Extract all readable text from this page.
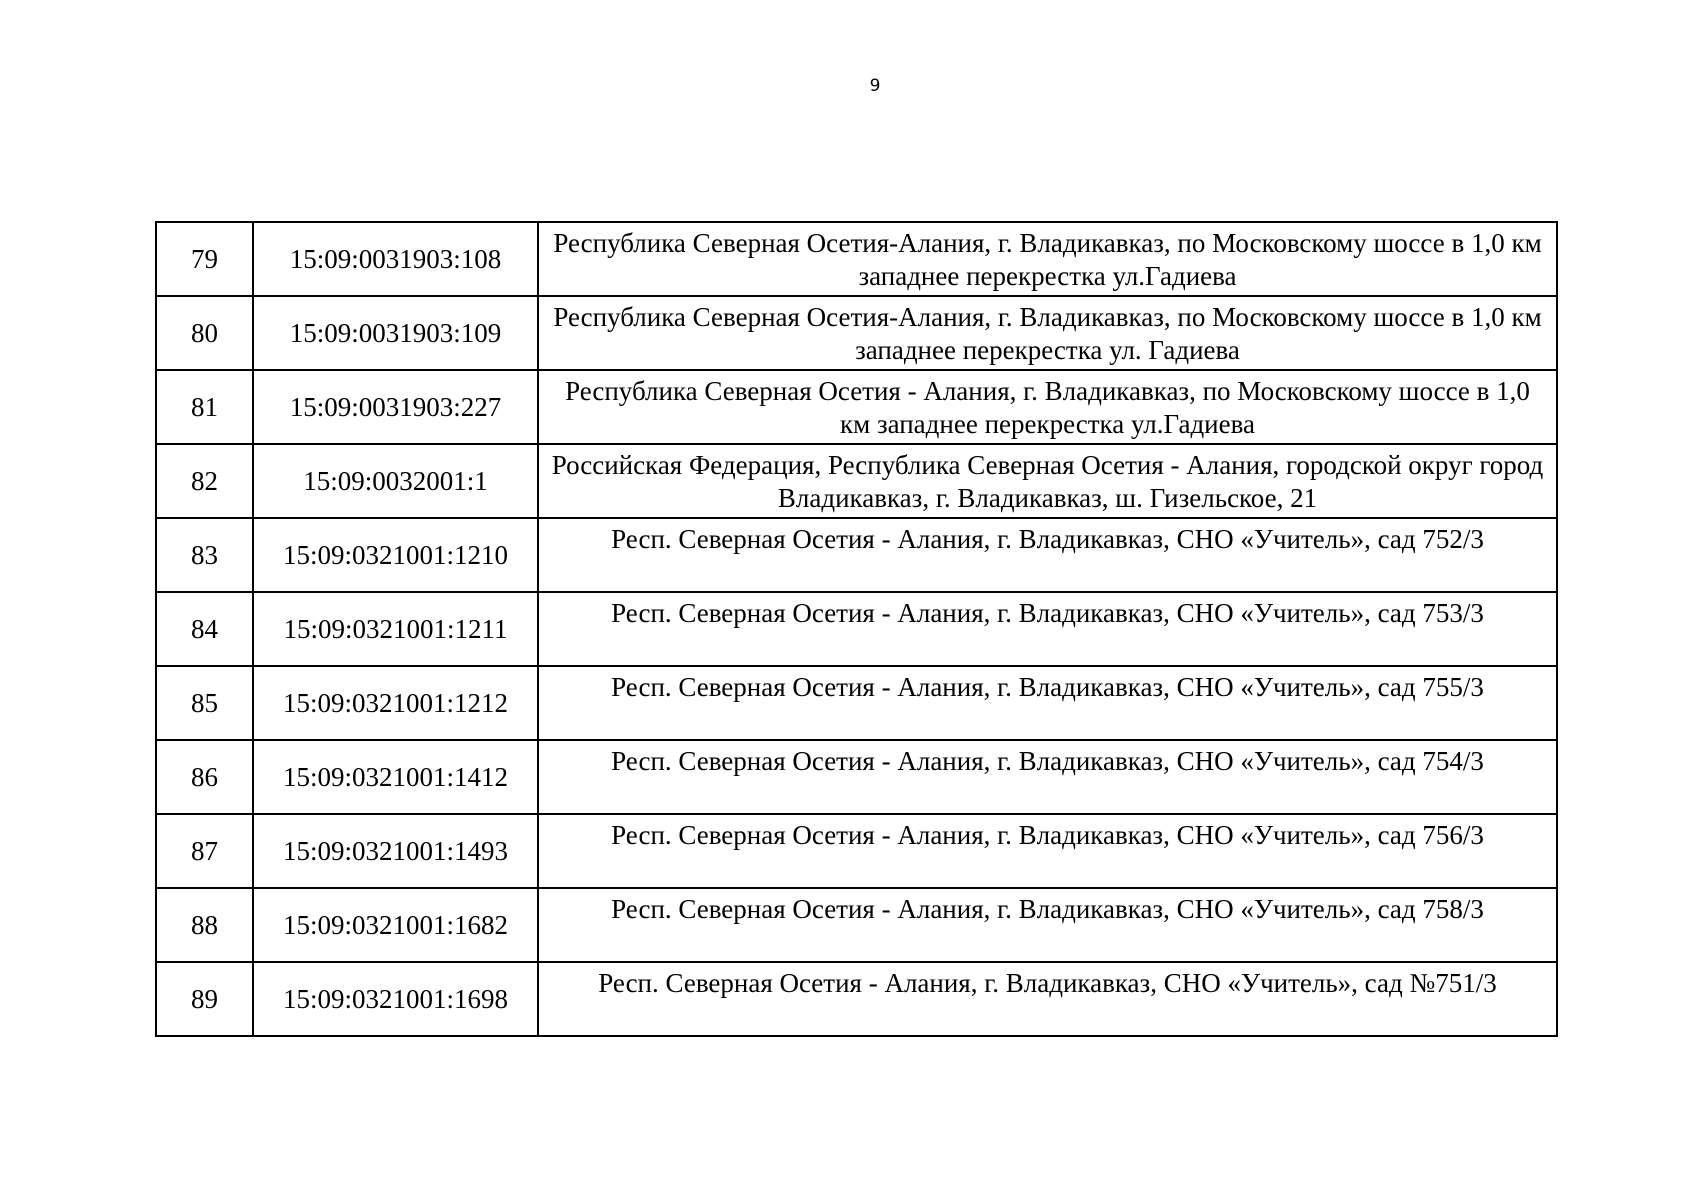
9
79	15:09:0031903:108	Республика Северная Осетия-Алания, г. Владикавказ, по Московскому шоссе в 1,0 км западнее перекрестка ул.Гадиева
80	15:09:0031903:109	Республика Северная Осетия-Алания, г. Владикавказ, по Московскому шоссе в 1,0 км западнее перекрестка ул. Гадиева
81	15:09:0031903:227	Республика Северная Осетия - Алания, г. Владикавказ, по Московскому шоссе в 1,0 км западнее перекрестка ул.Гадиева
82	15:09:0032001:1	Российская Федерация, Республика Северная Осетия - Алания, городской округ город Владикавказ, г. Владикавказ, ш. Гизельское, 21
83	15:09:0321001:1210	Респ. Северная Осетия - Алания, г. Владикавказ, СНО «Учитель», сад 752/3
84	15:09:0321001:1211	Респ. Северная Осетия - Алания, г. Владикавказ, СНО «Учитель», сад 753/3
85	15:09:0321001:1212	Респ. Северная Осетия - Алания, г. Владикавказ, СНО «Учитель», сад 755/3
86	15:09:0321001:1412	Респ. Северная Осетия - Алания, г. Владикавказ, СНО «Учитель», сад 754/3
87	15:09:0321001:1493	Респ. Северная Осетия - Алания, г. Владикавказ, СНО «Учитель», сад 756/3
88	15:09:0321001:1682	Респ. Северная Осетия - Алания, г. Владикавказ, СНО «Учитель», сад 758/3
89	15:09:0321001:1698	Респ. Северная Осетия - Алания, г. Владикавказ, СНО «Учитель», сад №751/3
